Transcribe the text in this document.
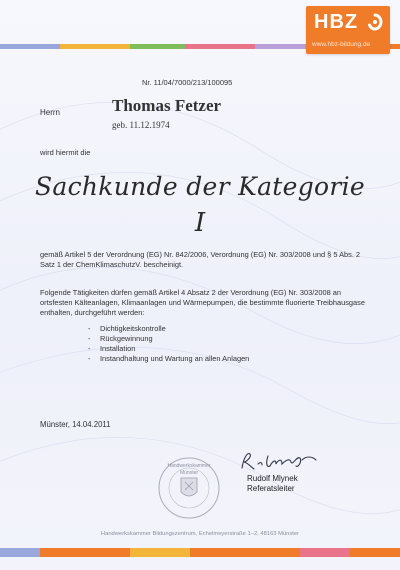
HBZ
www.hbz-bildung.de
Nr. 11/04/7000/213/100095
Herrn	Thomas Fetzer
geb. 11.12.1974
wird hiermit die
Sachkunde der Kategorie
I
gemäß Artikel 5 der Verordnung (EG) Nr. 842/2006, Verordnung (EG) Nr. 303/2008 und § 5 Abs. 2 Satz 1 der ChemKlimaschutzV. bescheinigt.
Folgende Tätigkeiten dürfen gemäß Artikel 4 Absatz 2 der Verordnung (EG) Nr. 303/2008 an ortsfesten Kälteanlagen, Klimaanlagen und Wärmepumpen, die bestimmte fluorierte Treibhausgase enthalten, durchgeführt werden:
- Dichtigkeitskontrolle
- Rückgewinnung
- Installation
- Instandhaltung und Wartung an allen Anlagen
Münster, 14.04.2011
Handwerkskammer
Münster
Rudolf Mlynek
Referatsleiter
Handwerkskammer Bildungszentrum, Echelmeyerstraße 1–2, 48163 Münster
